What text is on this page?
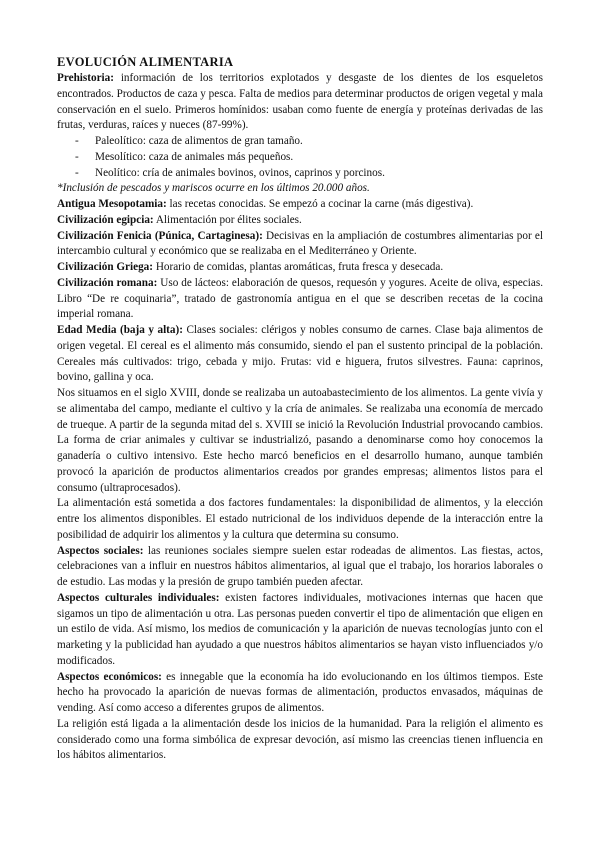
EVOLUCIÓN ALIMENTARIA

Prehistoria: información de los territorios explotados y desgaste de los dientes de los esqueletos encontrados. Productos de caza y pesca. Falta de medios para determinar productos de origen vegetal y mala conservación en el suelo. Primeros homínidos: usaban como fuente de energía y proteínas derivadas de las frutas, verduras, raíces y nueces (87-99%).

-	Paleolítico: caza de alimentos de gran tamaño.
-	Mesolítico: caza de animales más pequeños.
-	Neolítico: cría de animales bovinos, ovinos, caprinos y porcinos.

*Inclusión de pescados y mariscos ocurre en los últimos 20.000 años.

Antigua Mesopotamia: las recetas conocidas. Se empezó a cocinar la carne (más digestiva).

Civilización egipcia: Alimentación por élites sociales.

Civilización Fenicia (Púnica, Cartaginesa): Decisivas en la ampliación de costumbres alimentarias por el intercambio cultural y económico que se realizaba en el Mediterráneo y Oriente.

Civilización Griega: Horario de comidas, plantas aromáticas, fruta fresca y desecada.

Civilización romana: Uso de lácteos: elaboración de quesos, requesón y yogures. Aceite de oliva, especias. Libro “De re coquinaria”, tratado de gastronomía antigua en el que se describen recetas de la cocina imperial romana.

Edad Media (baja y alta): Clases sociales: clérigos y nobles consumo de carnes. Clase baja alimentos de origen vegetal. El cereal es el alimento más consumido, siendo el pan el sustento principal de la población. Cereales más cultivados: trigo, cebada y mijo. Frutas: vid e higuera, frutos silvestres. Fauna: caprinos, bovino, gallina y oca.

Nos situamos en el siglo XVIII, donde se realizaba un autoabastecimiento de los alimentos. La gente vivía y se alimentaba del campo, mediante el cultivo y la cría de animales. Se realizaba una economía de mercado de trueque. A partir de la segunda mitad del s. XVIII se inició la Revolución Industrial provocando cambios. La forma de criar animales y cultivar se industrializó, pasando a denominarse como hoy conocemos la ganadería o cultivo intensivo. Este hecho marcó beneficios en el desarrollo humano, aunque también provocó la aparición de productos alimentarios creados por grandes empresas; alimentos listos para el consumo (ultraprocesados).

La alimentación está sometida a dos factores fundamentales: la disponibilidad de alimentos, y la elección entre los alimentos disponibles. El estado nutricional de los individuos depende de la interacción entre la posibilidad de adquirir los alimentos y la cultura que determina su consumo.

Aspectos sociales: las reuniones sociales siempre suelen estar rodeadas de alimentos. Las fiestas, actos, celebraciones van a influir en nuestros hábitos alimentarios, al igual que el trabajo, los horarios laborales o de estudio. Las modas y la presión de grupo también pueden afectar.

Aspectos culturales individuales: existen factores individuales, motivaciones internas que hacen que sigamos un tipo de alimentación u otra. Las personas pueden convertir el tipo de alimentación que eligen en un estilo de vida. Así mismo, los medios de comunicación y la aparición de nuevas tecnologías junto con el marketing y la publicidad han ayudado a que nuestros hábitos alimentarios se hayan visto influenciados y/o modificados.

Aspectos económicos: es innegable que la economía ha ido evolucionando en los últimos tiempos. Este hecho ha provocado la aparición de nuevas formas de alimentación, productos envasados, máquinas de vending. Así como acceso a diferentes grupos de alimentos.

La religión está ligada a la alimentación desde los inicios de la humanidad. Para la religión el alimento es considerado como una forma simbólica de expresar devoción, así mismo las creencias tienen influencia en los hábitos alimentarios.
